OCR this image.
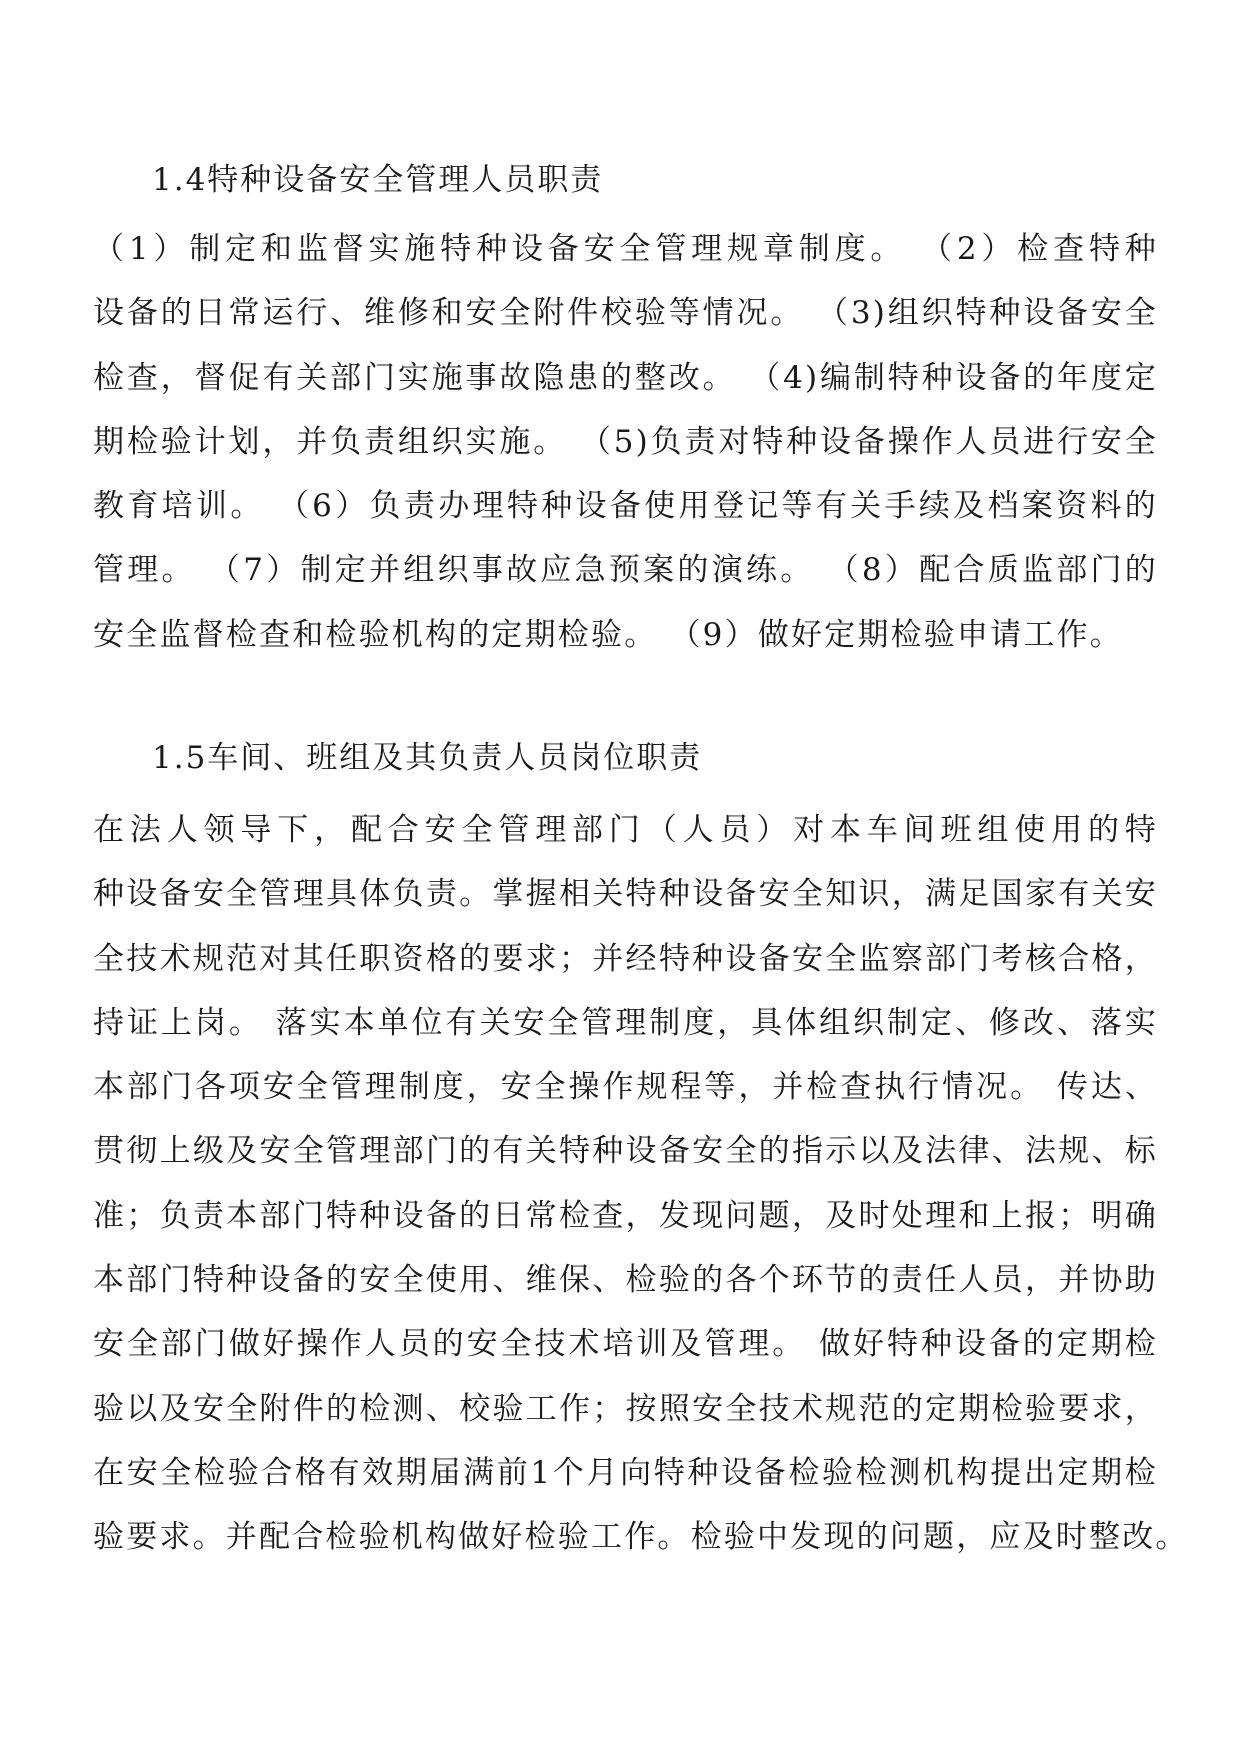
1.4特种设备安全管理人员职责
（1）制定和监督实施特种设备安全管理规章制度。 （2）检查特种
设备的日常运行、维修和安全附件校验等情况。 （3)组织特种设备安全
检查，督促有关部门实施事故隐患的整改。 （4)编制特种设备的年度定
期检验计划，并负责组织实施。 （5)负责对特种设备操作人员进行安全
教育培训。 （6）负责办理特种设备使用登记等有关手续及档案资料的
管理。 （7）制定并组织事故应急预案的演练。 （8）配合质监部门的
安全监督检查和检验机构的定期检验。 （9）做好定期检验申请工作。
1.5车间、班组及其负责人员岗位职责
在法人领导下，配合安全管理部门（人员）对本车间班组使用的特
种设备安全管理具体负责。掌握相关特种设备安全知识，满足国家有关安
全技术规范对其任职资格的要求；并经特种设备安全监察部门考核合格，
持证上岗。 落实本单位有关安全管理制度，具体组织制定、修改、落实
本部门各项安全管理制度，安全操作规程等，并检查执行情况。 传达、
贯彻上级及安全管理部门的有关特种设备安全的指示以及法律、法规、标
准；负责本部门特种设备的日常检查，发现问题，及时处理和上报；明确
本部门特种设备的安全使用、维保、检验的各个环节的责任人员，并协助
安全部门做好操作人员的安全技术培训及管理。 做好特种设备的定期检
验以及安全附件的检测、校验工作；按照安全技术规范的定期检验要求，
在安全检验合格有效期届满前1个月向特种设备检验检测机构提出定期检
验要求。并配合检验机构做好检验工作。检验中发现的问题，应及时整改。
